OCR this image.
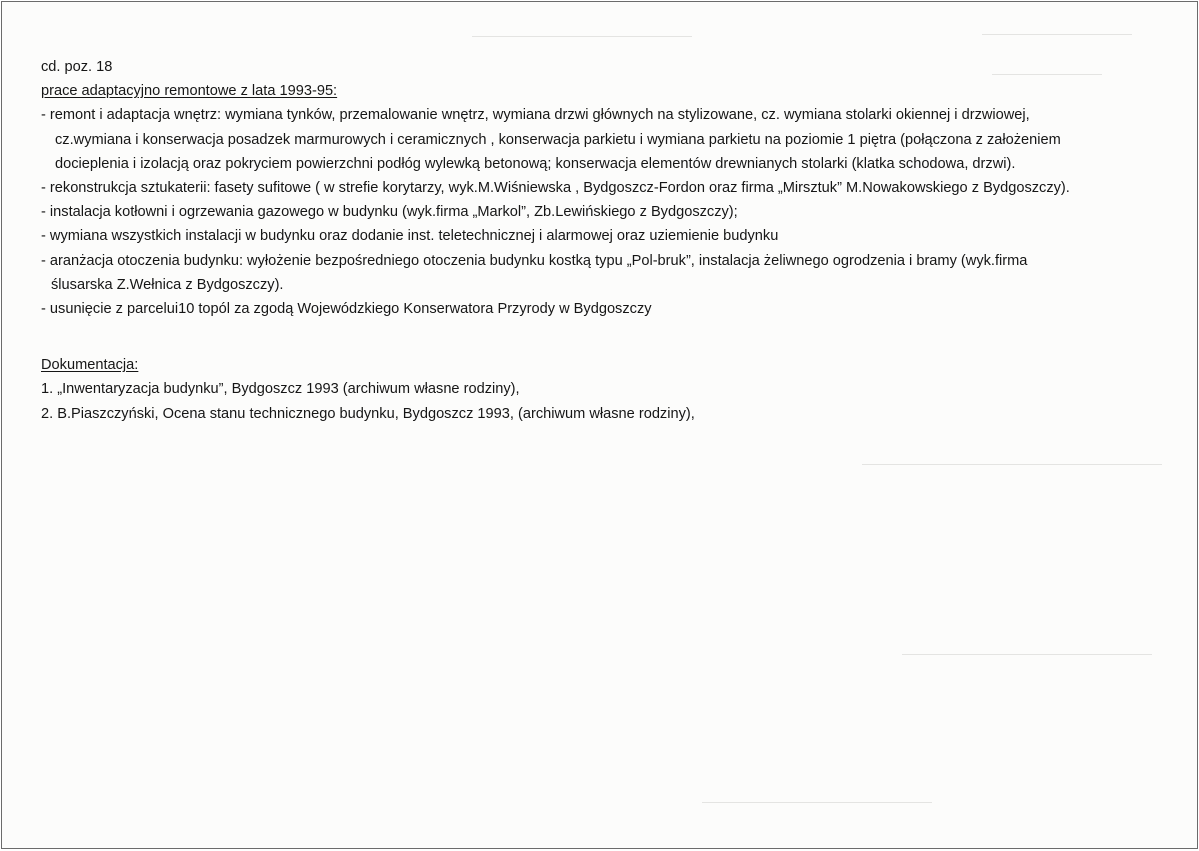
cd. poz. 18
prace adaptacyjno remontowe z lata 1993-95:
- remont i adaptacja wnętrz: wymiana tynków, przemalowanie wnętrz, wymiana drzwi głównych na stylizowane, cz. wymiana stolarki okiennej i drzwiowej,
cz.wymiana i konserwacja posadzek marmurowych i ceramicznych , konserwacja parkietu i wymiana parkietu na poziomie 1 piętra (połączona z założeniem
docieplenia i izolacją oraz pokryciem powierzchni podłóg wylewką betonową; konserwacja elementów drewnianych stolarki (klatka schodowa, drzwi).
- rekonstrukcja sztukaterii: fasety sufitowe ( w strefie korytarzy, wyk.M.Wiśniewska , Bydgoszcz-Fordon oraz firma „Mirsztuk” M.Nowakowskiego z Bydgoszczy).
- instalacja kotłowni i ogrzewania gazowego w budynku (wyk.firma „Markol”, Zb.Lewińskiego z Bydgoszczy);
- wymiana wszystkich instalacji w budynku oraz dodanie inst. teletechnicznej i alarmowej oraz uziemienie budynku
- aranżacja otoczenia budynku: wyłożenie bezpośredniego otoczenia budynku kostką typu „Pol-bruk”, instalacja żeliwnego ogrodzenia i bramy (wyk.firma
ślusarska Z.Wełnica z Bydgoszczy).
- usunięcie z parcelui10 topól za zgodą Wojewódzkiego Konserwatora Przyrody w Bydgoszczy
Dokumentacja:
1. „Inwentaryzacja budynku”, Bydgoszcz 1993 (archiwum własne rodziny),
2. B.Piaszczyński, Ocena stanu technicznego budynku, Bydgoszcz 1993, (archiwum własne rodziny),
